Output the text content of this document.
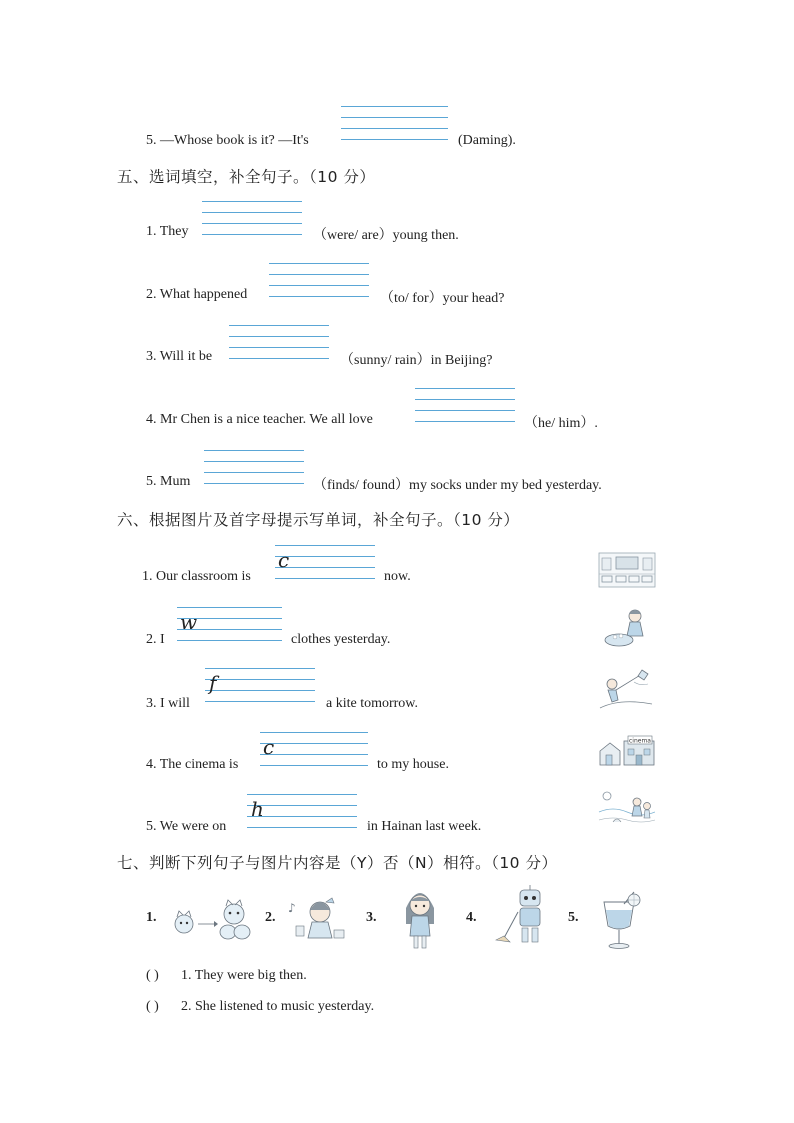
5. —Whose book is it? —It's	(Daming).
五、选词填空，补全句子。（10 分）
1. They	（were/ are）young then.
2. What happened	（to/ for）your head?
3. Will it be	（sunny/ rain）in Beijing?
4. Mr Chen is a nice teacher. We all love	（he/ him）.
5. Mum	（finds/ found）my socks under my bed yesterday.
六、根据图片及首字母提示写单词，补全句子。（10 分）
1. Our classroom is
c
now.
2. I
w
clothes yesterday.
3. I will
f
a kite tomorrow.
4. The cinema is
c
to my house.
cinema
5. We were on
h
in Hainan last week.
七、判断下列句子与图片内容是（Y）否（N）相符。（10 分）
1.	2.
♪
3.	4.	5.
( ) 1. They were big then.
( ) 2. She listened to music yesterday.
